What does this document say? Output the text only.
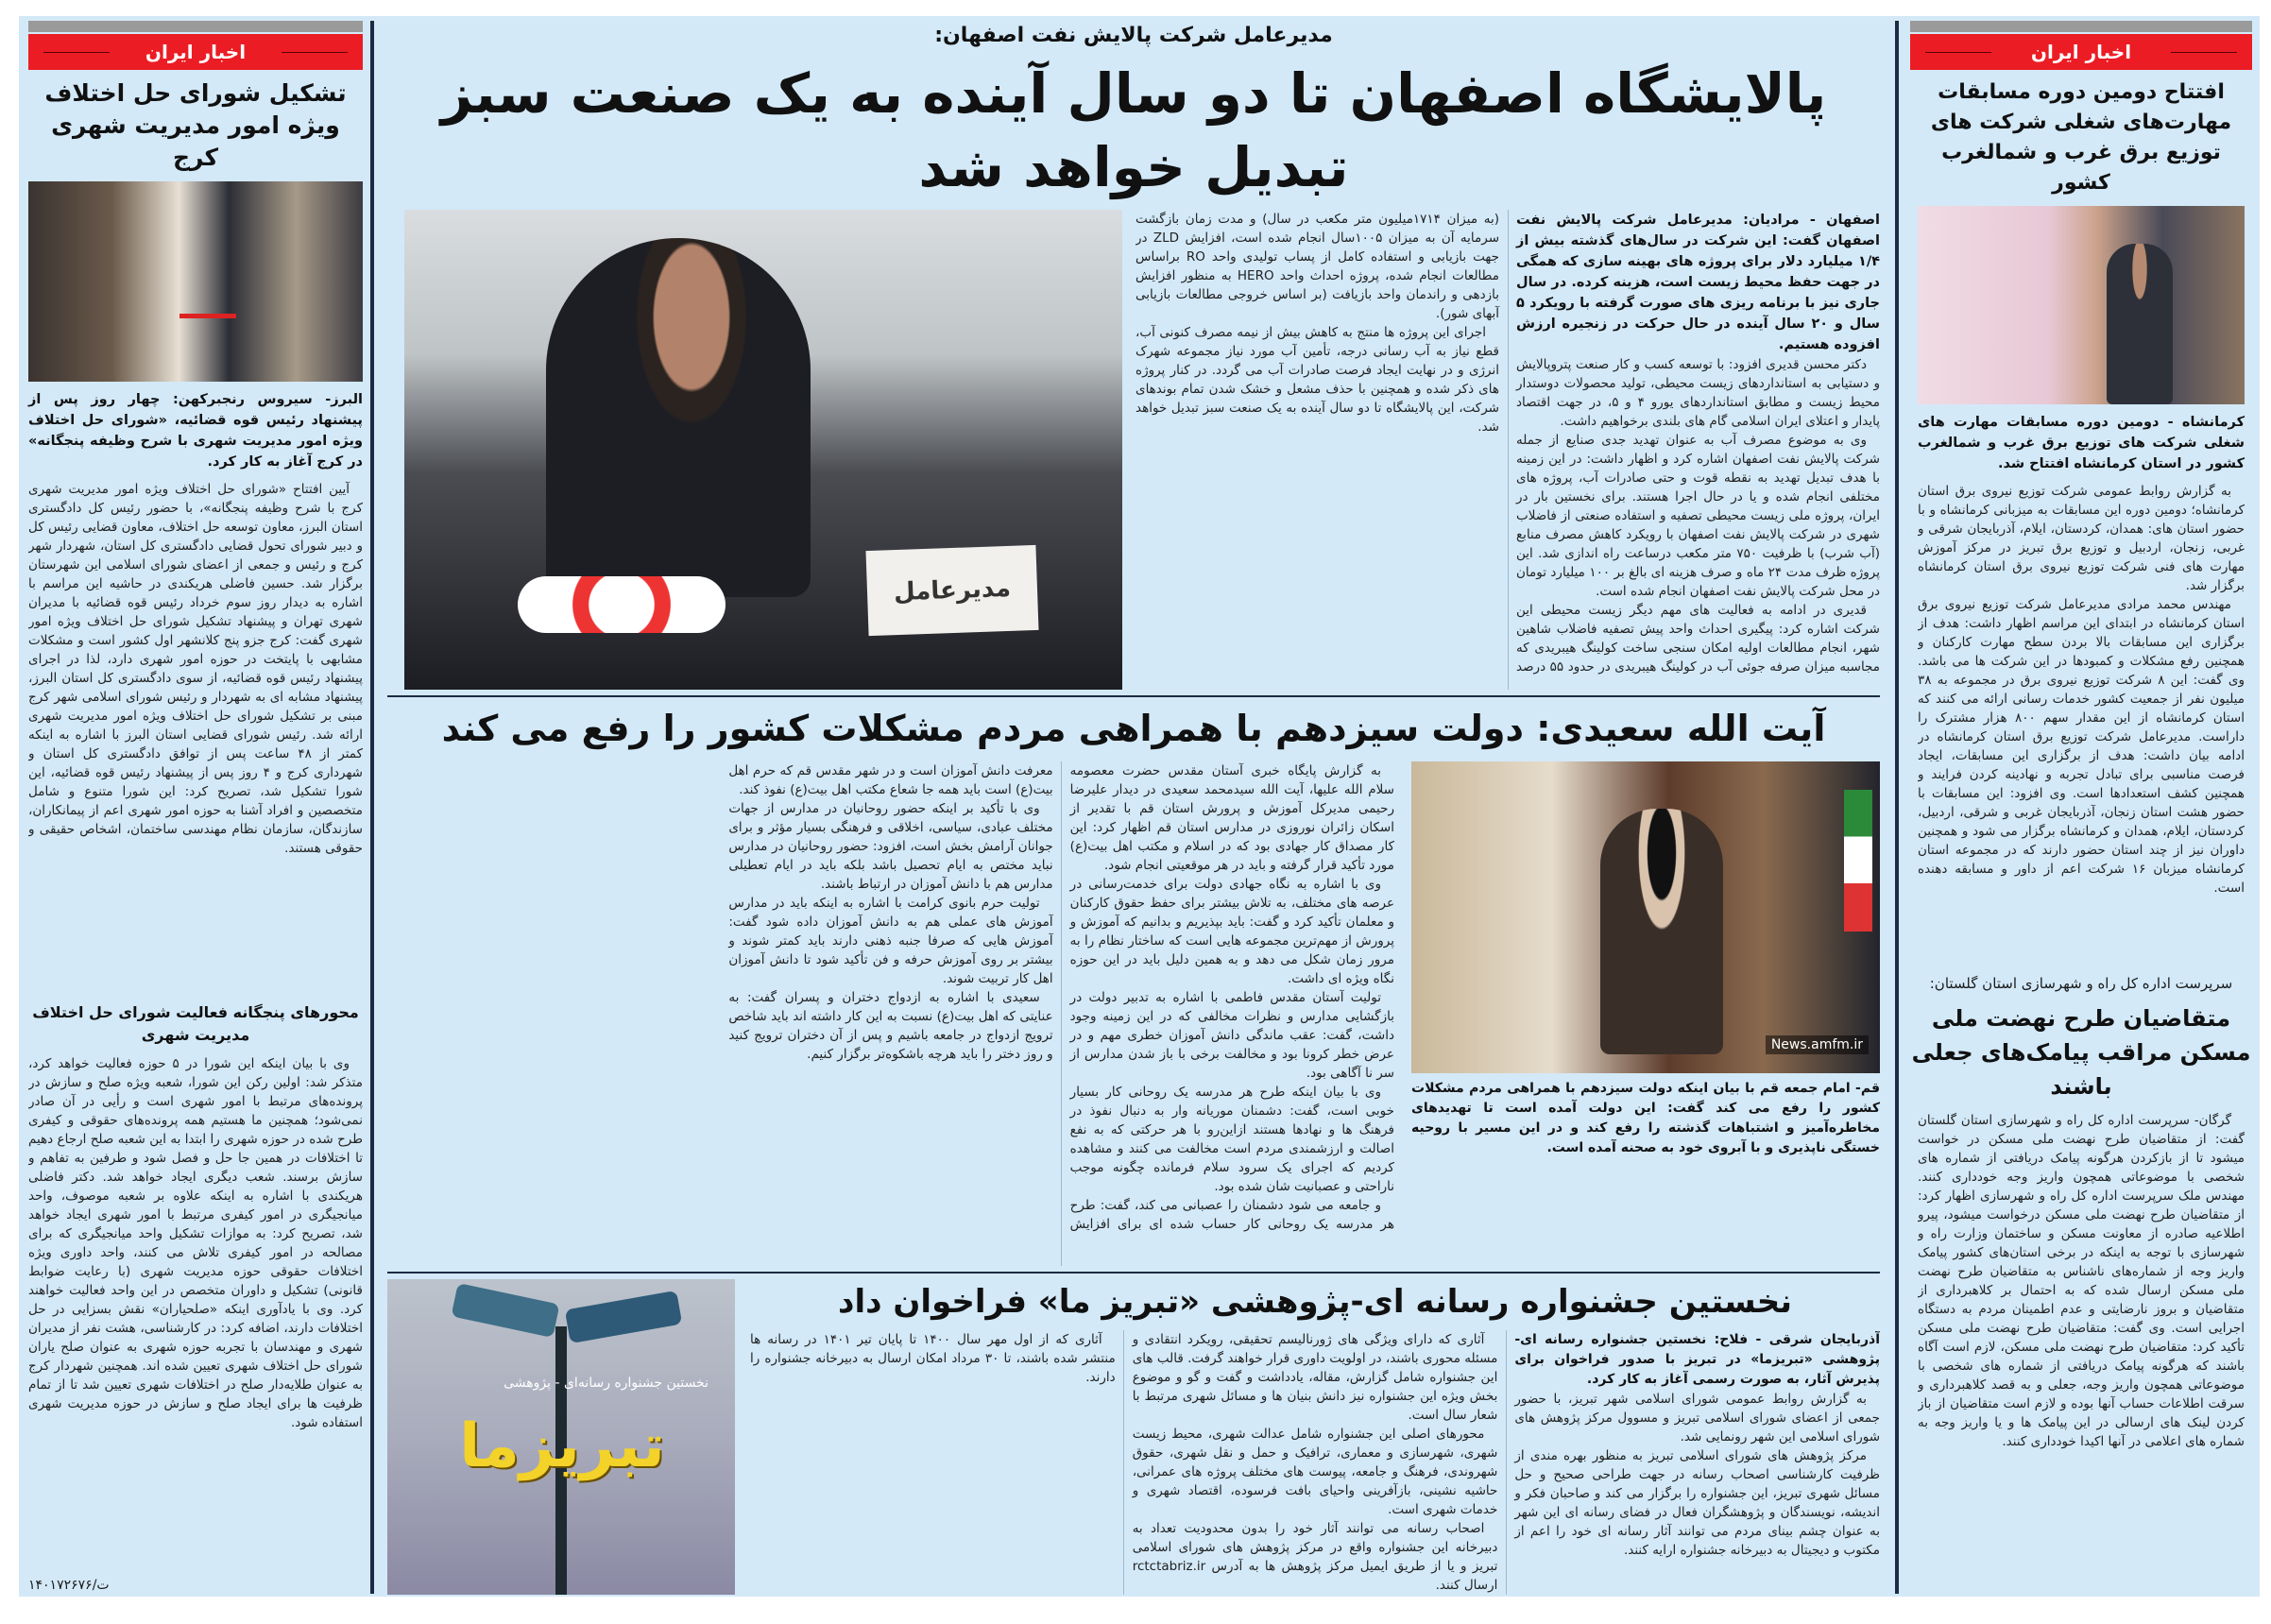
اخبار ایران
تشکیل شورای حل اختلاف ویژه امور مدیریت شهری کرج
البرز- سیروس رنجبرکهن: چهار روز پس از پیشنهاد رئیس قوه قضائیه، «شورای حل اختلاف ویژه امور مدیریت شهری با شرح وظیفه پنجگانه» در کرج آغاز به کار کرد.

آیین افتتاح «شورای حل اختلاف ویژه امور مدیریت شهری کرج با شرح وظیفه پنجگانه»، با حضور رئیس کل دادگستری استان البرز، معاون توسعه حل اختلاف، معاون قضایی رئیس کل و دبیر شورای تحول قضایی دادگستری کل استان، شهردار شهر کرج و رئیس و جمعی از اعضای شورای اسلامی این شهرستان برگزار شد. حسین فاضلی هریکندی در حاشیه این مراسم با اشاره به دیدار روز سوم خرداد رئیس قوه قضائیه با مدیران شهری تهران و پیشنهاد تشکیل شورای حل اختلاف ویژه امور شهری گفت: کرج جزو پنج کلانشهر اول کشور است و مشکلات مشابهی با پایتخت در حوزه امور شهری دارد، لذا در اجرای پیشنهاد رئیس قوه قضائیه، از سوی دادگستری کل استان البرز، پیشنهاد مشابه ای به شهردار و رئیس شورای اسلامی شهر کرج مبنی بر تشکیل شورای حل اختلاف ویژه امور مدیریت شهری ارائه شد. رئیس شورای قضایی استان البرز با اشاره به اینکه کمتر از ۴۸ ساعت پس از توافق دادگستری کل استان و شهرداری کرج و ۴ روز پس از پیشنهاد رئیس قوه قضائیه، این شورا تشکیل شد، تصریح کرد: این شورا متنوع و شامل متخصصین و افراد آشنا به حوزه امور شهری اعم از پیمانکاران، سازندگان، سازمان نظام مهندسی ساختمان، اشخاص حقیقی و حقوقی هستند.

محورهای پنجگانه فعالیت شورای حل اختلاف مدیریت شهری

وی با بیان اینکه این شورا در ۵ حوزه فعالیت خواهد کرد، متذکر شد: اولین رکن این شورا، شعبه ویژه صلح و سازش در پرونده‌های مرتبط با امور شهری است و رأیی در آن صادر نمی‌شود؛ همچنین ما هستیم همه پرونده‌های حقوقی و کیفری طرح شده در حوزه شهری را ابتدا به این شعبه صلح ارجاع دهیم تا اختلافات در همین جا حل و فصل شود و طرفین به تفاهم و سازش برسند. شعب دیگری ایجاد خواهد شد. دکتر فاضلی هریکندی با اشاره به اینکه علاوه بر شعبه موصوف، واحد میانجیگری در امور کیفری مرتبط با امور شهری ایجاد خواهد شد، تصریح کرد: به موازات تشکیل واحد میانجیگری که برای مصالحه در امور کیفری تلاش می کنند، واحد داوری ویژه اختلافات حقوقی حوزه مدیریت شهری (با رعایت ضوابط قانونی) تشکیل و داوران متخصص در این واحد فعالیت خواهند کرد. وی با یادآوری اینکه «صلحیاران» نقش بسزایی در حل اختلافات دارند، اضافه کرد: در کارشناسی، هشت نفر از مدیران شهری و مهندسان با تجربه حوزه شهری به عنوان صلح یاران شورای حل اختلاف شهری تعیین شده اند. همچنین شهردار کرج به عنوان طلایه‌دار صلح در اختلافات شهری تعیین شد تا از تمام ظرفیت ها برای ایجاد صلح و سازش در حوزه مدیریت شهری استفاده شود.

ت/۱۴۰۱۷۲۶۷۶
مدیرعامل شرکت پالایش نفت اصفهان:
پالایشگاه اصفهان تا دو سال آینده به یک صنعت سبز تبدیل خواهد شد
اصفهان - مرادیان: مدیرعامل شرکت پالایش نفت اصفهان گفت: این شرکت در سال‌های گذشته بیش از ۱/۴ میلیارد دلار برای پروژه های بهینه سازی که همگی در جهت حفظ محیط زیست است، هزینه کرده. در سال جاری نیز با برنامه ریزی های صورت گرفته با رویکرد ۵ سال و ۲۰ سال آینده در حال حرکت در زنجیره ارزش افزوده هستیم.

دکتر محسن قدیری افزود: با توسعه کسب و کار صنعت پتروپالایش و دستیابی به استانداردهای زیست محیطی، تولید محصولات دوستدار محیط زیست و مطابق استانداردهای یورو ۴ و ۵، در جهت اقتصاد پایدار و اعتلای ایران اسلامی گام های بلندی برخواهیم داشت.

وی به موضوع مصرف آب به عنوان تهدید جدی صنایع از جمله شرکت پالایش نفت اصفهان اشاره کرد و اظهار داشت: در این زمینه با هدف تبدیل تهدید به نقطه قوت و حتی صادرات آب، پروژه های مختلفی انجام شده و یا در حال اجرا هستند. برای نخستین بار در ایران، پروژه ملی زیست محیطی تصفیه و استفاده صنعتی از فاضلاب شهری در شرکت پالایش نفت اصفهان با رویکرد کاهش مصرف منابع (آب شرب) با ظرفیت ۷۵۰ متر مکعب درساعت راه اندازی شد. این پروژه ظرف مدت ۲۴ ماه و صرف هزینه ای بالغ بر ۱۰۰ میلیارد تومان در محل شرکت پالایش نفت اصفهان انجام شده است.

قدیری در ادامه به فعالیت های مهم دیگر زیست محیطی این شرکت اشاره کرد: پیگیری احداث واحد پیش تصفیه فاضلاب شاهین شهر، انجام مطالعات اولیه امکان سنجی ساخت کولینگ هیبریدی که مجاسبه میزان صرفه جوئی آب در کولینگ هیبریدی در حدود ۵۵ درصد (به میزان ۱۷۱۴میلیون متر مکعب در سال) و مدت زمان بازگشت سرمایه آن به میزان ۱۰۰۵سال انجام شده است، افزایش ZLD در جهت بازیابی و استفاده کامل از پساب تولیدی واحد RO براساس مطالعات انجام شده، پروژه احداث واحد HERO به منظور افزایش بازدهی و راندمان واحد بازیافت (بر اساس خروجی مطالعات بازیابی آبهای شور).

اجرای این پروژه ها منتج به کاهش بیش از نیمه مصرف کنونی آب، قطع نیاز به آب رسانی درجه، تأمین آب مورد نیاز مجموعه شهرک انرژی و در نهایت ایجاد فرصت صادرات آب می گردد. در کنار پروژه های ذکر شده و همچنین با حذف مشعل و خشک شدن تمام بوندهای شرکت، این پالایشگاه تا دو سال آینده به یک صنعت سبز تبدیل خواهد شد.

مدیرعامل
آیت الله سعیدی: دولت سیزدهم با همراهی مردم مشکلات کشور را رفع می کند
News.amfm.ir
قم- امام جمعه قم با بیان اینکه دولت سیزدهم با همراهی مردم مشکلات کشور را رفع می کند گفت: این دولت آمده است تا تهدیدهای مخاطره‌آمیز و اشتباهات گذشته را رفع کند و در این مسیر با روحیه خستگی ناپذیری و با آبروی خود به صحنه آمده است.

به گزارش پایگاه خبری آستان مقدس حضرت معصومه سلام الله علیها، آیت الله سیدمحمد سعیدی در دیدار علیرضا رحیمی مدیرکل آموزش و پرورش استان قم با تقدیر از اسکان زائران نوروزی در مدارس استان قم اظهار کرد: این کار مصداق کار جهادی بود که در اسلام و مکتب اهل بیت(ع) مورد تأکید قرار گرفته و باید در هر موقعیتی انجام شود.

وی با اشاره به نگاه جهادی دولت برای خدمت‌رسانی در عرصه های مختلف، به تلاش بیشتر برای حفظ حقوق کارکنان و معلمان تأکید کرد و گفت: باید بپذیریم و بدانیم که آموزش و پرورش از مهم‌ترین مجموعه هایی است که ساختار نظام را به مرور زمان شکل می دهد و به همین دلیل باید در این حوزه نگاه ویژه ای داشت.

تولیت آستان مقدس فاطمی با اشاره به تدبیر دولت در بازگشایی مدارس و نظرات مخالفی که در این زمینه وجود داشت، گفت: عقب ماندگی دانش آموزان خطری مهم و در عرض خطر کرونا بود و مخالفت برخی با باز شدن مدارس از سر نا آگاهی بود.

وی با بیان اینکه طرح هر مدرسه یک روحانی کار بسیار خوبی است، گفت: دشمنان موریانه وار به دنبال نفوذ در فرهنگ ها و نهادها هستند ازاین‌رو با هر حرکتی که به نفع اصالت و ارزشمندی مردم است مخالفت می کنند و مشاهده کردیم که اجرای یک سرود سلام فرمانده چگونه موجب ناراحتی و عصبانیت شان شده بود.

و جامعه می شود دشمنان را عصبانی می کند، گفت: طرح هر مدرسه یک روحانی کار حساب شده ای برای افزایش معرفت دانش آموزان است و در شهر مقدس قم که حرم اهل بیت(ع) است باید همه جا شعاع مکتب اهل بیت(ع) نفوذ کند.

وی با تأکید بر اینکه حضور روحانیان در مدارس از جهات مختلف عبادی، سیاسی، اخلاقی و فرهنگی بسیار مؤثر و برای جوانان آرامش بخش است، افزود: حضور روحانیان در مدارس نباید مختص به ایام تحصیل باشد بلکه باید در ایام تعطیلی مدارس هم با دانش آموزان در ارتباط باشند.

تولیت حرم بانوی کرامت با اشاره به اینکه باید در مدارس آموزش های عملی هم به دانش آموزان داده شود گفت: آموزش هایی که صرفا جنبه ذهنی دارند باید کمتر شوند و بیشتر بر روی آموزش حرفه و فن تأکید شود تا دانش آموزان اهل کار تربیت شوند.

سعیدی با اشاره به ازدواج دختران و پسران گفت: به عنایتی که اهل بیت(ع) نسبت به این کار داشته اند باید شاخص ترویج ازدواج در جامعه باشیم و پس از آن دختران ترویج کنید و روز دختر را باید هرچه باشکوه‌تر برگزار کنیم.

نخستین جشنواره رسانه ای-پژوهشی «تبریز ما» فراخوان داد
آذربایجان شرقی - فلاح: نخستین جشنواره رسانه ای-پژوهشی «تبریزما» در تبریز با صدور فراخوان برای پذیرش آثار، به صورت رسمی آغاز به کار کرد.

به گزارش روابط عمومی شورای اسلامی شهر تبریز، با حضور جمعی از اعضای شورای اسلامی تبریز و مسوول مرکز پژوهش های شورای اسلامی این شهر رونمایی شد.

مرکز پژوهش های شورای اسلامی تبریز به منظور بهره مندی از ظرفیت کارشناسی اصحاب رسانه در جهت طراحی صحیح و حل مسائل شهری تبریز، این جشنواره را برگزار می کند و صاحبان فکر و اندیشه، نویسندگان و پژوهشگران فعال در فضای رسانه ای این شهر به عنوان چشم بینای مردم می توانند آثار رسانه ای خود را اعم از مکتوب و دیجیتال به دبیرخانه جشنواره ارایه کنند.

آثاری که دارای ویژگی های ژورنالیسم تحقیقی، رویکرد انتقادی و مسئله محوری باشند، در اولویت داوری قرار خواهند گرفت. قالب های این جشنواره شامل گزارش، مقاله، یادداشت و گفت و گو و موضوع بخش ویژه این جشنواره نیز دانش بنیان ها و مسائل شهری مرتبط با شعار سال است.

محورهای اصلی این جشنواره شامل عدالت شهری، محیط زیست شهری، شهرسازی و معماری، ترافیک و حمل و نقل شهری، حقوق شهروندی، فرهنگ و جامعه، پیوست های مختلف پروژه های عمرانی، حاشیه نشینی، بازآفرینی واحیای بافت فرسوده، اقتصاد شهری و خدمات شهری است.

اصحاب رسانه می توانند آثار خود را بدون محدودیت تعداد به دبیرخانه این جشنواره واقع در مرکز پژوهش های شورای اسلامی تبریز و یا از طریق ایمیل مرکز پژوهش ها به آدرس rctctabriz.ir ارسال کنند.

آثاری که از اول مهر سال ۱۴۰۰ تا پایان تیر ۱۴۰۱ در رسانه ها منتشر شده باشند، تا ۳۰ مرداد امکان ارسال به دبیرخانه جشنواره را دارند.

نخستین جشنواره رسانه‌ای - پژوهشی
تبریزما
اخبار ایران
افتتاح دومین دوره مسابقات مهارت‌های شغلی شرکت های توزیع برق غرب و شمالغرب کشور
کرمانشاه - دومین دوره مسابقات مهارت های شغلی شرکت های توزیع برق غرب و شمالغرب کشور در استان کرمانشاه افتتاح شد.

به گزارش روابط عمومی شرکت توزیع نیروی برق استان کرمانشاه؛ دومین دوره این مسابقات به میزبانی کرمانشاه و با حضور استان های: همدان، کردستان، ایلام، آذربایجان شرقی و غربی، زنجان، اردبیل و توزیع برق تبریز در مرکز آموزش مهارت های فنی شرکت توزیع نیروی برق استان کرمانشاه برگزار شد.

مهندس محمد مرادی مدیرعامل شرکت توزیع نیروی برق استان کرمانشاه در ابتدای این مراسم اظهار داشت: هدف از برگزاری این مسابقات بالا بردن سطح مهارت کارکنان و همچنین رفع مشکلات و کمبودها در این شرکت ها می باشد. وی گفت: این ۸ شرکت توزیع نیروی برق در مجموعه به ۳۸ میلیون نفر از جمعیت کشور خدمات رسانی ارائه می کنند که استان کرمانشاه از این مقدار سهم ۸۰۰ هزار مشترک را داراست. مدیرعامل شرکت توزیع برق استان کرمانشاه در ادامه بیان داشت: هدف از برگزاری این مسابقات، ایجاد فرصت مناسبی برای تبادل تجربه و نهادینه کردن فرایند و همچنین کشف استعدادها است. وی افزود: این مسابقات با حضور هشت استان زنجان، آذربایجان غربی و شرقی، اردبیل، کردستان، ایلام، همدان و کرمانشاه برگزار می شود و همچنین داوران نیز از چند استان حضور دارند که در مجموعه استان کرمانشاه میزبان ۱۶ شرکت اعم از داور و مسابقه دهنده است.

سرپرست اداره کل راه و شهرسازی استان گلستان:
متقاضیان طرح نهضت ملی مسکن مراقب پیامک‌های جعلی باشند

گرگان- سرپرست اداره کل راه و شهرسازی استان گلستان گفت: از متقاضیان طرح نهضت ملی مسکن در خواست میشود تا از بازکردن هرگونه پیامک دریافتی از شماره های شخصی با موضوعاتی همچون واریز وجه خودداری کنند. مهندس ملک سرپرست اداره کل راه و شهرسازی اظهار کرد: از متقاضیان طرح نهضت ملی مسکن درخواست میشود، پیرو اطلاعیه صادره از معاونت مسکن و ساختمان وزارت راه و شهرسازی با توجه به اینکه در برخی استان‌های کشور پیامک واریز وجه از شماره‌های ناشناس به متقاضیان طرح نهضت ملی مسکن ارسال شده که به احتمال بر کلاهبرداری از متقاضیان و بروز نارضایتی و عدم اطمینان مردم به دستگاه اجرایی است. وی گفت: متقاضیان طرح نهضت ملی مسکن تأکید کرد: متقاضیان طرح نهضت ملی مسکن، لازم است آگاه باشند که هرگونه پیامک دریافتی از شماره های شخصی با موضوعاتی همچون واریز وجه، جعلی و به قصد کلاهبرداری و سرقت اطلاعات حساب آنها بوده و لازم است متقاضیان از باز کردن لینک های ارسالی در این پیامک ها و یا واریز وجه به شماره های اعلامی در آنها اکیدا خودداری کنند.
